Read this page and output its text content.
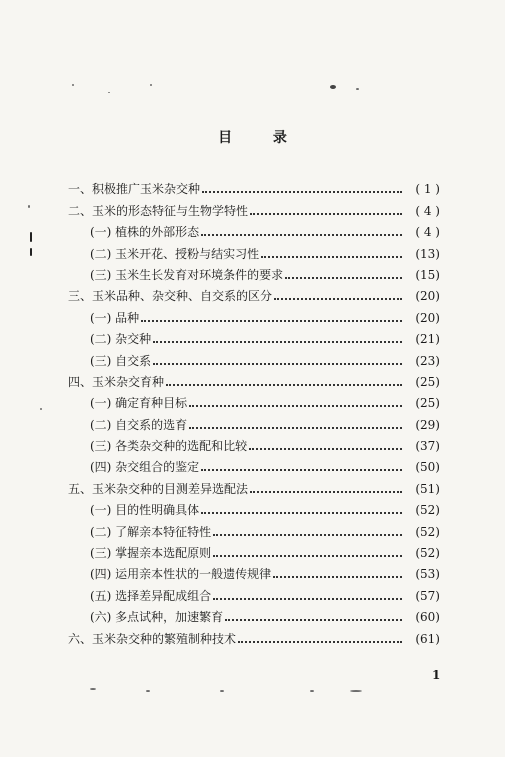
目 录
一、积极推广玉米杂交种	( 1 )
二、玉米的形态特征与生物学特性	( 4 )
(一) 植株的外部形态	( 4 )
(二) 玉米开花、授粉与结实习性	(13)
(三) 玉米生长发育对环境条件的要求	(15)
三、玉米品种、杂交种、自交系的区分	(20)
(一) 品种	(20)
(二) 杂交种	(21)
(三) 自交系	(23)
四、玉米杂交育种	(25)
(一) 确定育种目标	(25)
(二) 自交系的选育	(29)
(三) 各类杂交种的选配和比较	(37)
(四) 杂交组合的鉴定	(50)
五、玉米杂交种的目测差异选配法	(51)
(一) 目的性明确具体	(52)
(二) 了解亲本特征特性	(52)
(三) 掌握亲本选配原则	(52)
(四) 运用亲本性状的一般遗传规律	(53)
(五) 选择差异配成组合	(57)
(六) 多点试种，加速繁育	(60)
六、玉米杂交种的繁殖制种技术	(61)
1
